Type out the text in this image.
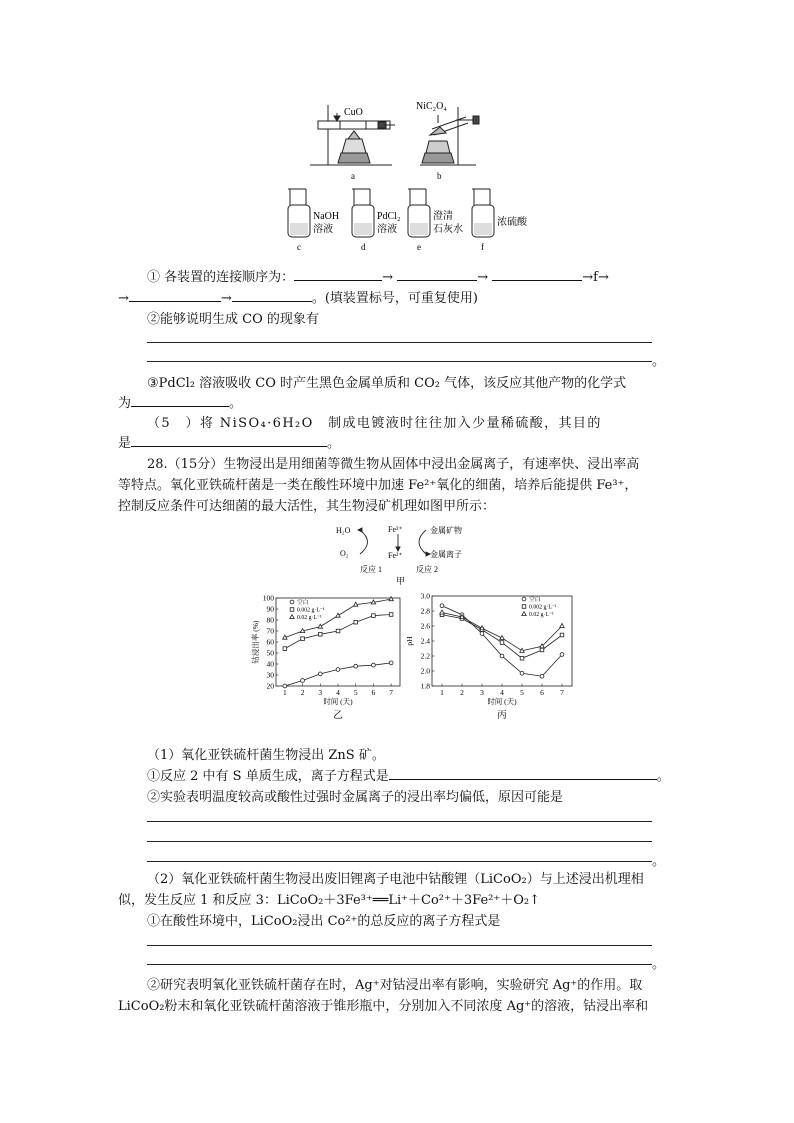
CuO
a
NiC₂O₄
b
NaOH
溶液
c
PdCl₂
溶液
d
澄清
石灰水
e
浓硫酸
f
① 各装置的连接顺序为：	→	→	→f→
→	→	。(填装置标号，可重复使用)
②能够说明生成 CO 的现象有
。
③PdCl₂ 溶液吸收 CO 时产生黑色金属单质和 CO₂ 气体，该反应其他产物的化学式
为	。
（5　）将 NiSO₄·6H₂O　制成电镀液时往往加入少量稀硫酸，其目的
是	。
28.（15分）生物浸出是用细菌等微生物从固体中浸出金属离子，有速率快、浸出率高
等特点。氧化亚铁硫杆菌是一类在酸性环境中加速 Fe²⁺氧化的细菌，培养后能提供 Fe³⁺，
控制反应条件可达细菌的最大活性，其生物浸矿机理如图甲所示：
H₂O
O₂
Fe³⁺
Fe²⁺
金属矿物
金属离子
反应 1	反应 2
甲
20
30
40
50
60
70
80
90
100
1 2 3 4 5 6 7
时间 (天)
钴浸出率 (%)
乙
空白
0.002 g·L⁻¹
0.02 g·L⁻¹
1.8
2.0
2.2
2.4
2.6
2.8
3.0
1 2 3 4 5 6 7
时间 (天)
pH
丙
空白
0.002 g·L⁻¹
0.02 g·L⁻¹
（1）氧化亚铁硫杆菌生物浸出 ZnS 矿。
①反应 2 中有 S 单质生成，离子方程式是	。
②实验表明温度较高或酸性过强时金属离子的浸出率均偏低，原因可能是
。
（2）氧化亚铁硫杆菌生物浸出废旧锂离子电池中钴酸锂（LiCoO₂）与上述浸出机理相
似，发生反应 1 和反应 3：LiCoO₂＋3Fe³⁺══Li⁺＋Co²⁺＋3Fe²⁺＋O₂↑
①在酸性环境中，LiCoO₂浸出 Co²⁺的总反应的离子方程式是
。
②研究表明氧化亚铁硫杆菌存在时，Ag⁺对钴浸出率有影响，实验研究 Ag⁺的作用。取
LiCoO₂粉末和氧化亚铁硫杆菌溶液于锥形瓶中，分别加入不同浓度 Ag⁺的溶液，钴浸出率和
